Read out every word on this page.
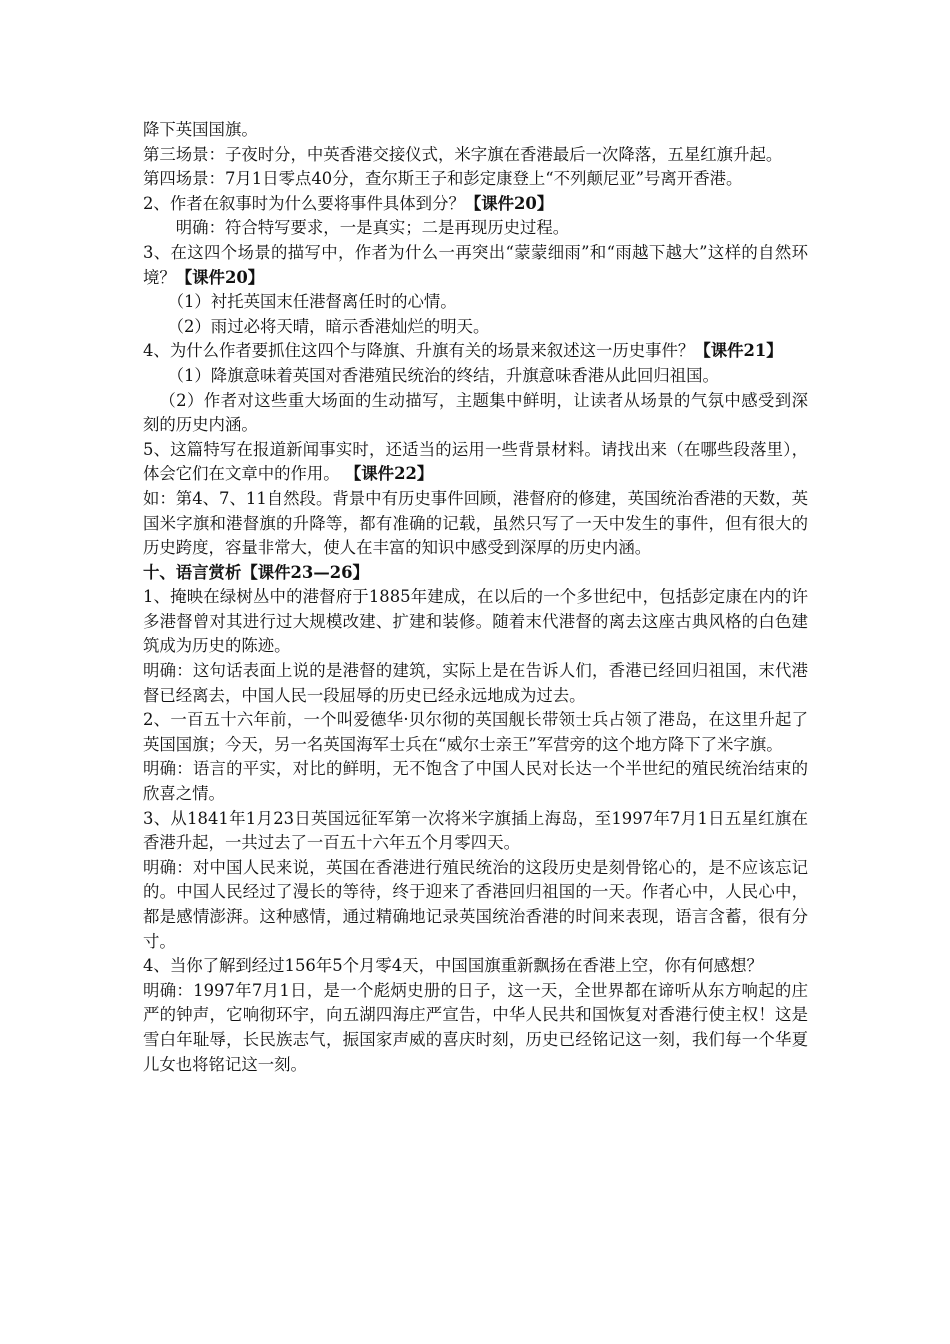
降下英国国旗。

第三场景：子夜时分，中英香港交接仪式，米字旗在香港最后一次降落，五星红旗升起。

第四场景：7月1日零点40分，查尔斯王子和彭定康登上“不列颠尼亚”号离开香港。

2、作者在叙事时为什么要将事件具体到分？【课件20】

明确：符合特写要求，一是真实；二是再现历史过程。

3、在这四个场景的描写中，作者为什么一再突出“蒙蒙细雨”和“雨越下越大”这样的自然环境？【课件20】

（1）衬托英国末任港督离任时的心情。

（2）雨过必将天晴，暗示香港灿烂的明天。

4、为什么作者要抓住这四个与降旗、升旗有关的场景来叙述这一历史事件？【课件21】

（1）降旗意味着英国对香港殖民统治的终结，升旗意味香港从此回归祖国。

（2）作者对这些重大场面的生动描写，主题集中鲜明，让读者从场景的气氛中感受到深刻的历史内涵。

5、这篇特写在报道新闻事实时，还适当的运用一些背景材料。请找出来（在哪些段落里），体会它们在文章中的作用。 【课件22】

如：第4、7、11自然段。背景中有历史事件回顾，港督府的修建，英国统治香港的天数，英国米字旗和港督旗的升降等，都有准确的记载，虽然只写了一天中发生的事件，但有很大的历史跨度，容量非常大，使人在丰富的知识中感受到深厚的历史内涵。

十、语言赏析【课件23—26】

1、掩映在绿树丛中的港督府于1885年建成，在以后的一个多世纪中，包括彭定康在内的许多港督曾对其进行过大规模改建、扩建和装修。随着末代港督的离去这座古典风格的白色建筑成为历史的陈迹。

明确：这句话表面上说的是港督的建筑，实际上是在告诉人们，香港已经回归祖国，末代港督已经离去，中国人民一段屈辱的历史已经永远地成为过去。

2、一百五十六年前，一个叫爱德华·贝尔彻的英国舰长带领士兵占领了港岛，在这里升起了英国国旗；今天，另一名英国海军士兵在“威尔士亲王”军营旁的这个地方降下了米字旗。

明确：语言的平实，对比的鲜明，无不饱含了中国人民对长达一个半世纪的殖民统治结束的欣喜之情。

3、从1841年1月23日英国远征军第一次将米字旗插上海岛，至1997年7月1日五星红旗在香港升起，一共过去了一百五十六年五个月零四天。

明确：对中国人民来说，英国在香港进行殖民统治的这段历史是刻骨铭心的，是不应该忘记的。中国人民经过了漫长的等待，终于迎来了香港回归祖国的一天。作者心中，人民心中，都是感情澎湃。这种感情，通过精确地记录英国统治香港的时间来表现，语言含蓄，很有分寸。

4、当你了解到经过156年5个月零4天，中国国旗重新飘扬在香港上空，你有何感想？

明确：1997年7月1日，是一个彪炳史册的日子，这一天，全世界都在谛听从东方响起的庄严的钟声，它响彻环宇，向五湖四海庄严宣告，中华人民共和国恢复对香港行使主权！这是雪白年耻辱，长民族志气，振国家声威的喜庆时刻，历史已经铭记这一刻，我们每一个华夏儿女也将铭记这一刻。
